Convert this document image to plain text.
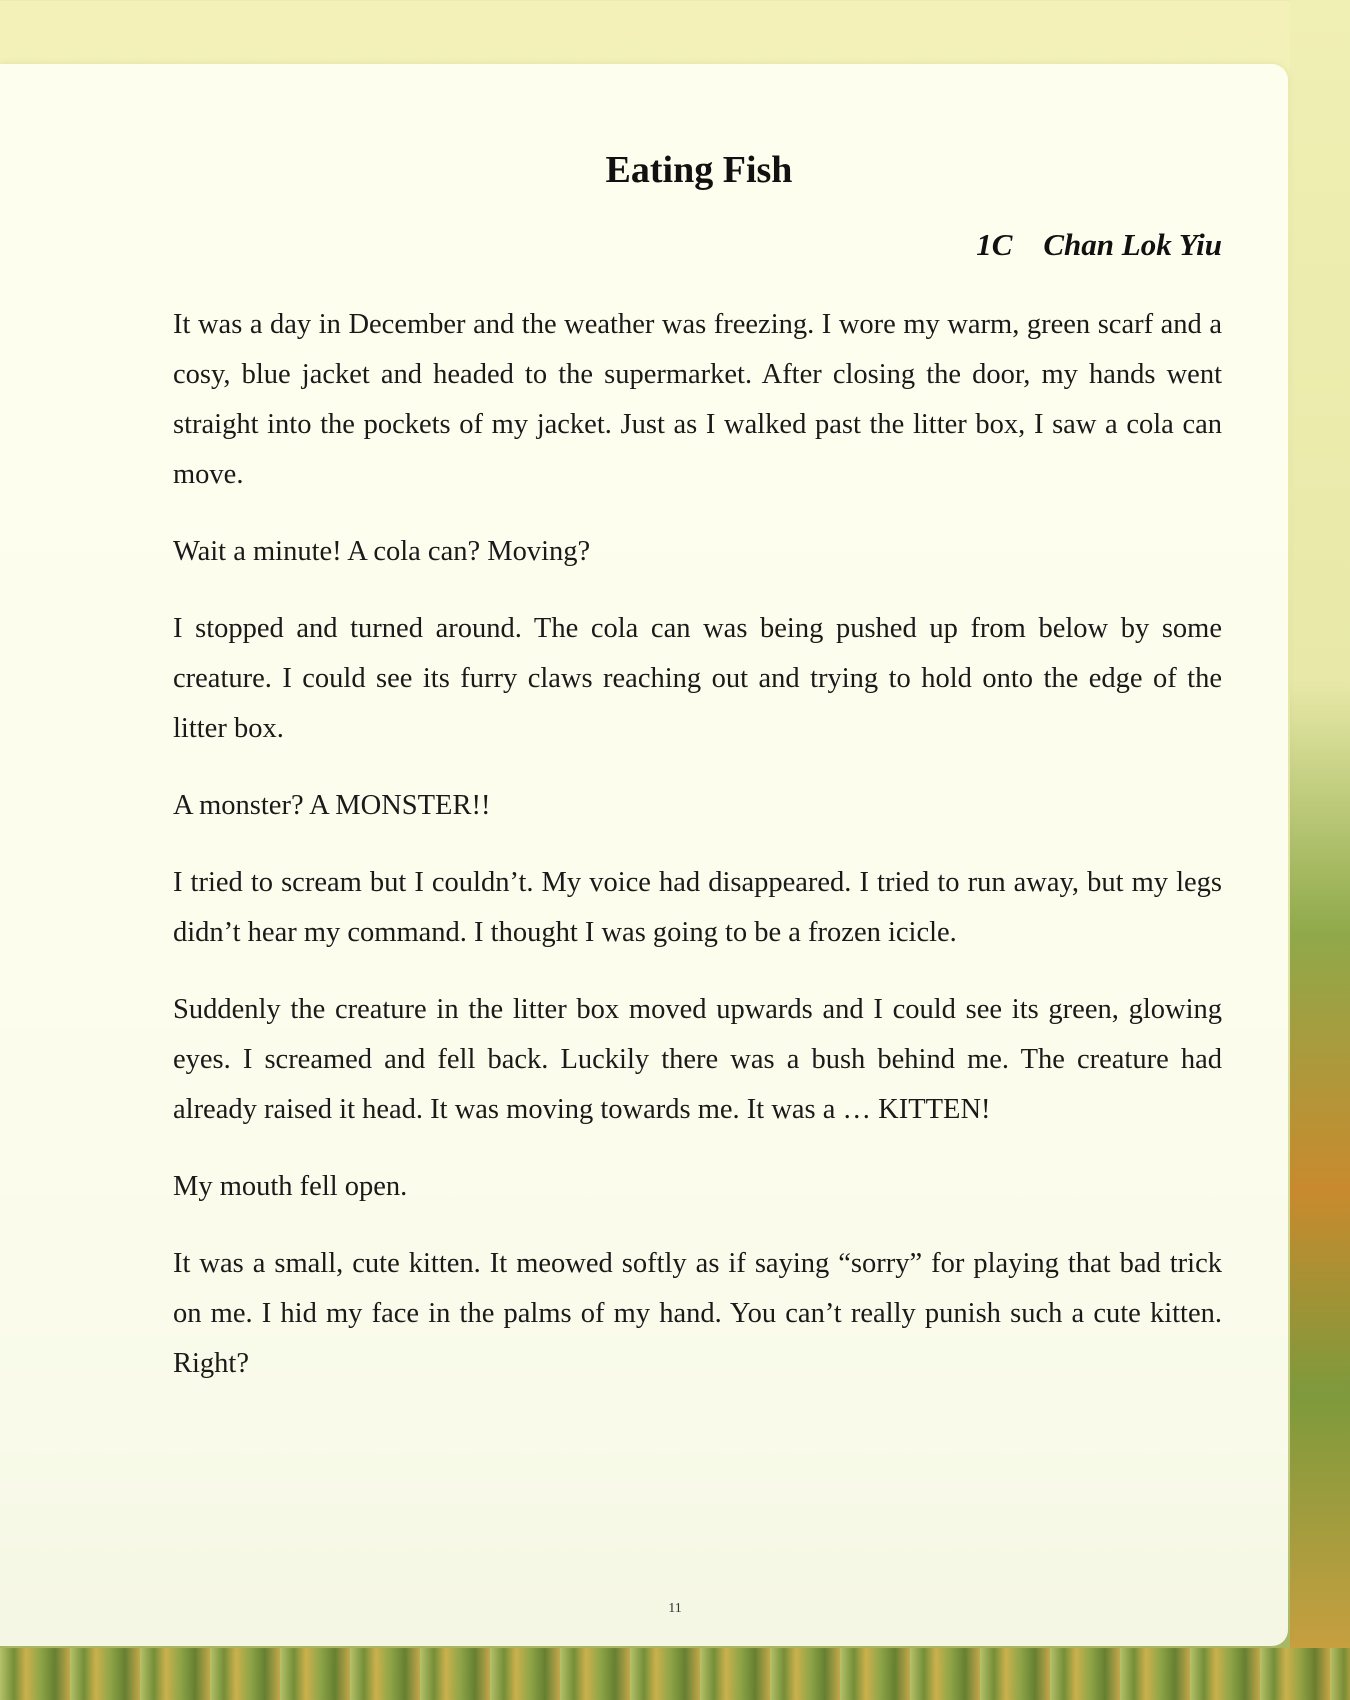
Eating Fish
1C    Chan Lok Yiu

It was a day in December and the weather was freezing. I wore my warm, green scarf and a cosy, blue jacket and headed to the supermarket. After closing the door, my hands went straight into the pockets of my jacket. Just as I walked past the litter box, I saw a cola can move.

Wait a minute! A cola can? Moving?

I stopped and turned around. The cola can was being pushed up from below by some creature. I could see its furry claws reaching out and trying to hold onto the edge of the litter box.

A monster? A MONSTER!!

I tried to scream but I couldn’t. My voice had disappeared. I tried to run away, but my legs didn’t hear my command. I thought I was going to be a frozen icicle.

Suddenly the creature in the litter box moved upwards and I could see its green, glowing eyes. I screamed and fell back. Luckily there was a bush behind me. The creature had already raised it head. It was moving towards me. It was a … KITTEN!

My mouth fell open.

It was a small, cute kitten. It meowed softly as if saying “sorry” for playing that bad trick on me. I hid my face in the palms of my hand. You can’t really punish such a cute kitten. Right?

11
